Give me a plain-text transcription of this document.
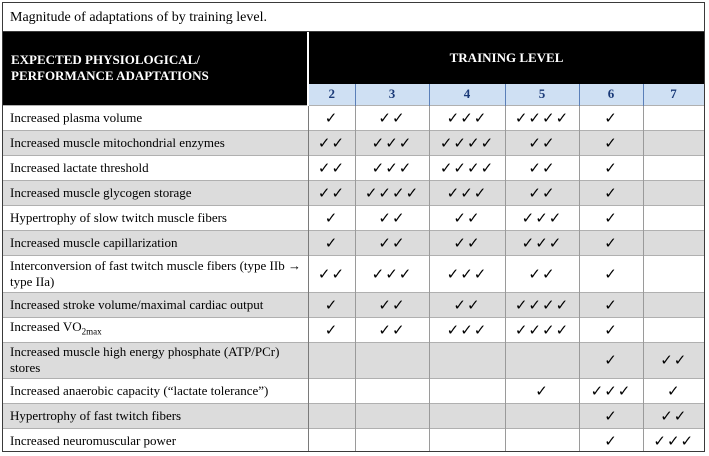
Magnitude of adaptations of by training level.
EXPECTED PHYSIOLOGICAL/
PERFORMANCE ADAPTATIONS	TRAINING LEVEL					
	2	3	4	5	6	7
Increased plasma volume	✓	✓✓	✓✓✓	✓✓✓✓	✓	
Increased muscle mitochondrial enzymes	✓✓	✓✓✓	✓✓✓✓	✓✓	✓	
Increased lactate threshold	✓✓	✓✓✓	✓✓✓✓	✓✓	✓	
Increased muscle glycogen storage	✓✓	✓✓✓✓	✓✓✓	✓✓	✓	
Hypertrophy of slow twitch muscle fibers	✓	✓✓	✓✓	✓✓✓	✓	
Increased muscle capillarization	✓	✓✓	✓✓	✓✓✓	✓	
Interconversion of fast twitch muscle fibers (type IIb → type IIa)	✓✓	✓✓✓	✓✓✓	✓✓	✓	
Increased stroke volume/maximal cardiac output	✓	✓✓	✓✓	✓✓✓✓	✓	
Increased $VO_{2max}$	✓	✓✓	✓✓✓	✓✓✓✓	✓	
Increased muscle high energy phosphate (ATP/PCr) stores					✓	✓✓
Increased anaerobic capacity (“lactate tolerance”)				✓	✓✓✓	✓
Hypertrophy of fast twitch fibers					✓	✓✓
Increased neuromuscular power					✓	✓✓✓
